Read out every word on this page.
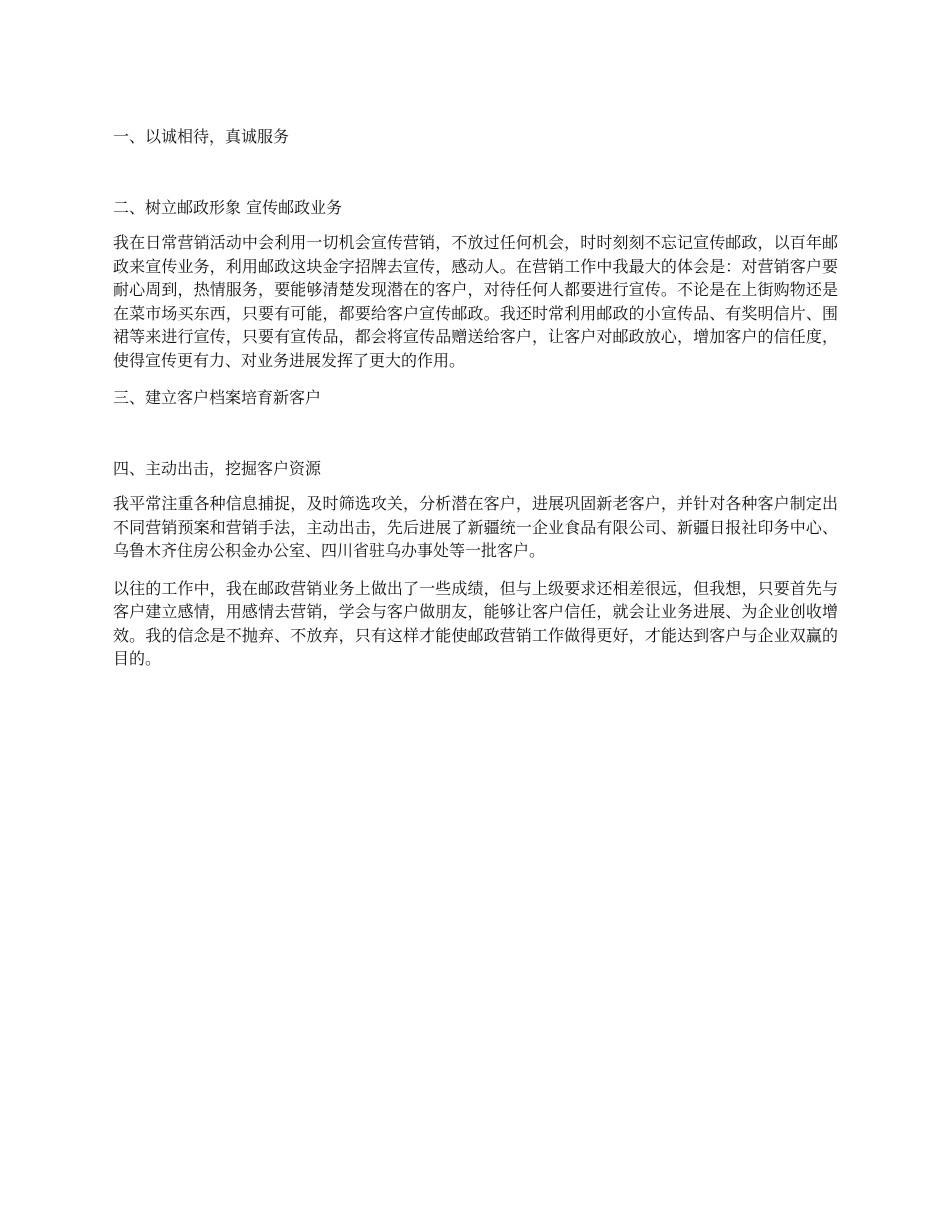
一、以诚相待，真诚服务

二、树立邮政形象 宣传邮政业务

我在日常营销活动中会利用一切机会宣传营销，不放过任何机会，时时刻刻不忘记宣传邮政，以百年邮政来宣传业务，利用邮政这块金字招牌去宣传，感动人。在营销工作中我最大的体会是：对营销客户要耐心周到，热情服务，要能够清楚发现潜在的客户，对待任何人都要进行宣传。不论是在上街购物还是在菜市场买东西，只要有可能，都要给客户宣传邮政。我还时常利用邮政的小宣传品、有奖明信片、围裙等来进行宣传，只要有宣传品，都会将宣传品赠送给客户，让客户对邮政放心，增加客户的信任度，使得宣传更有力、对业务进展发挥了更大的作用。

三、建立客户档案培育新客户

四、主动出击，挖掘客户资源

我平常注重各种信息捕捉，及时筛选攻关，分析潜在客户，进展巩固新老客户，并针对各种客户制定出不同营销预案和营销手法，主动出击，先后进展了新疆统一企业食品有限公司、新疆日报社印务中心、乌鲁木齐住房公积金办公室、四川省驻乌办事处等一批客户。

以往的工作中，我在邮政营销业务上做出了一些成绩，但与上级要求还相差很远，但我想，只要首先与客户建立感情，用感情去营销，学会与客户做朋友，能够让客户信任，就会让业务进展、为企业创收增效。我的信念是不抛弃、不放弃，只有这样才能使邮政营销工作做得更好，才能达到客户与企业双赢的目的。
